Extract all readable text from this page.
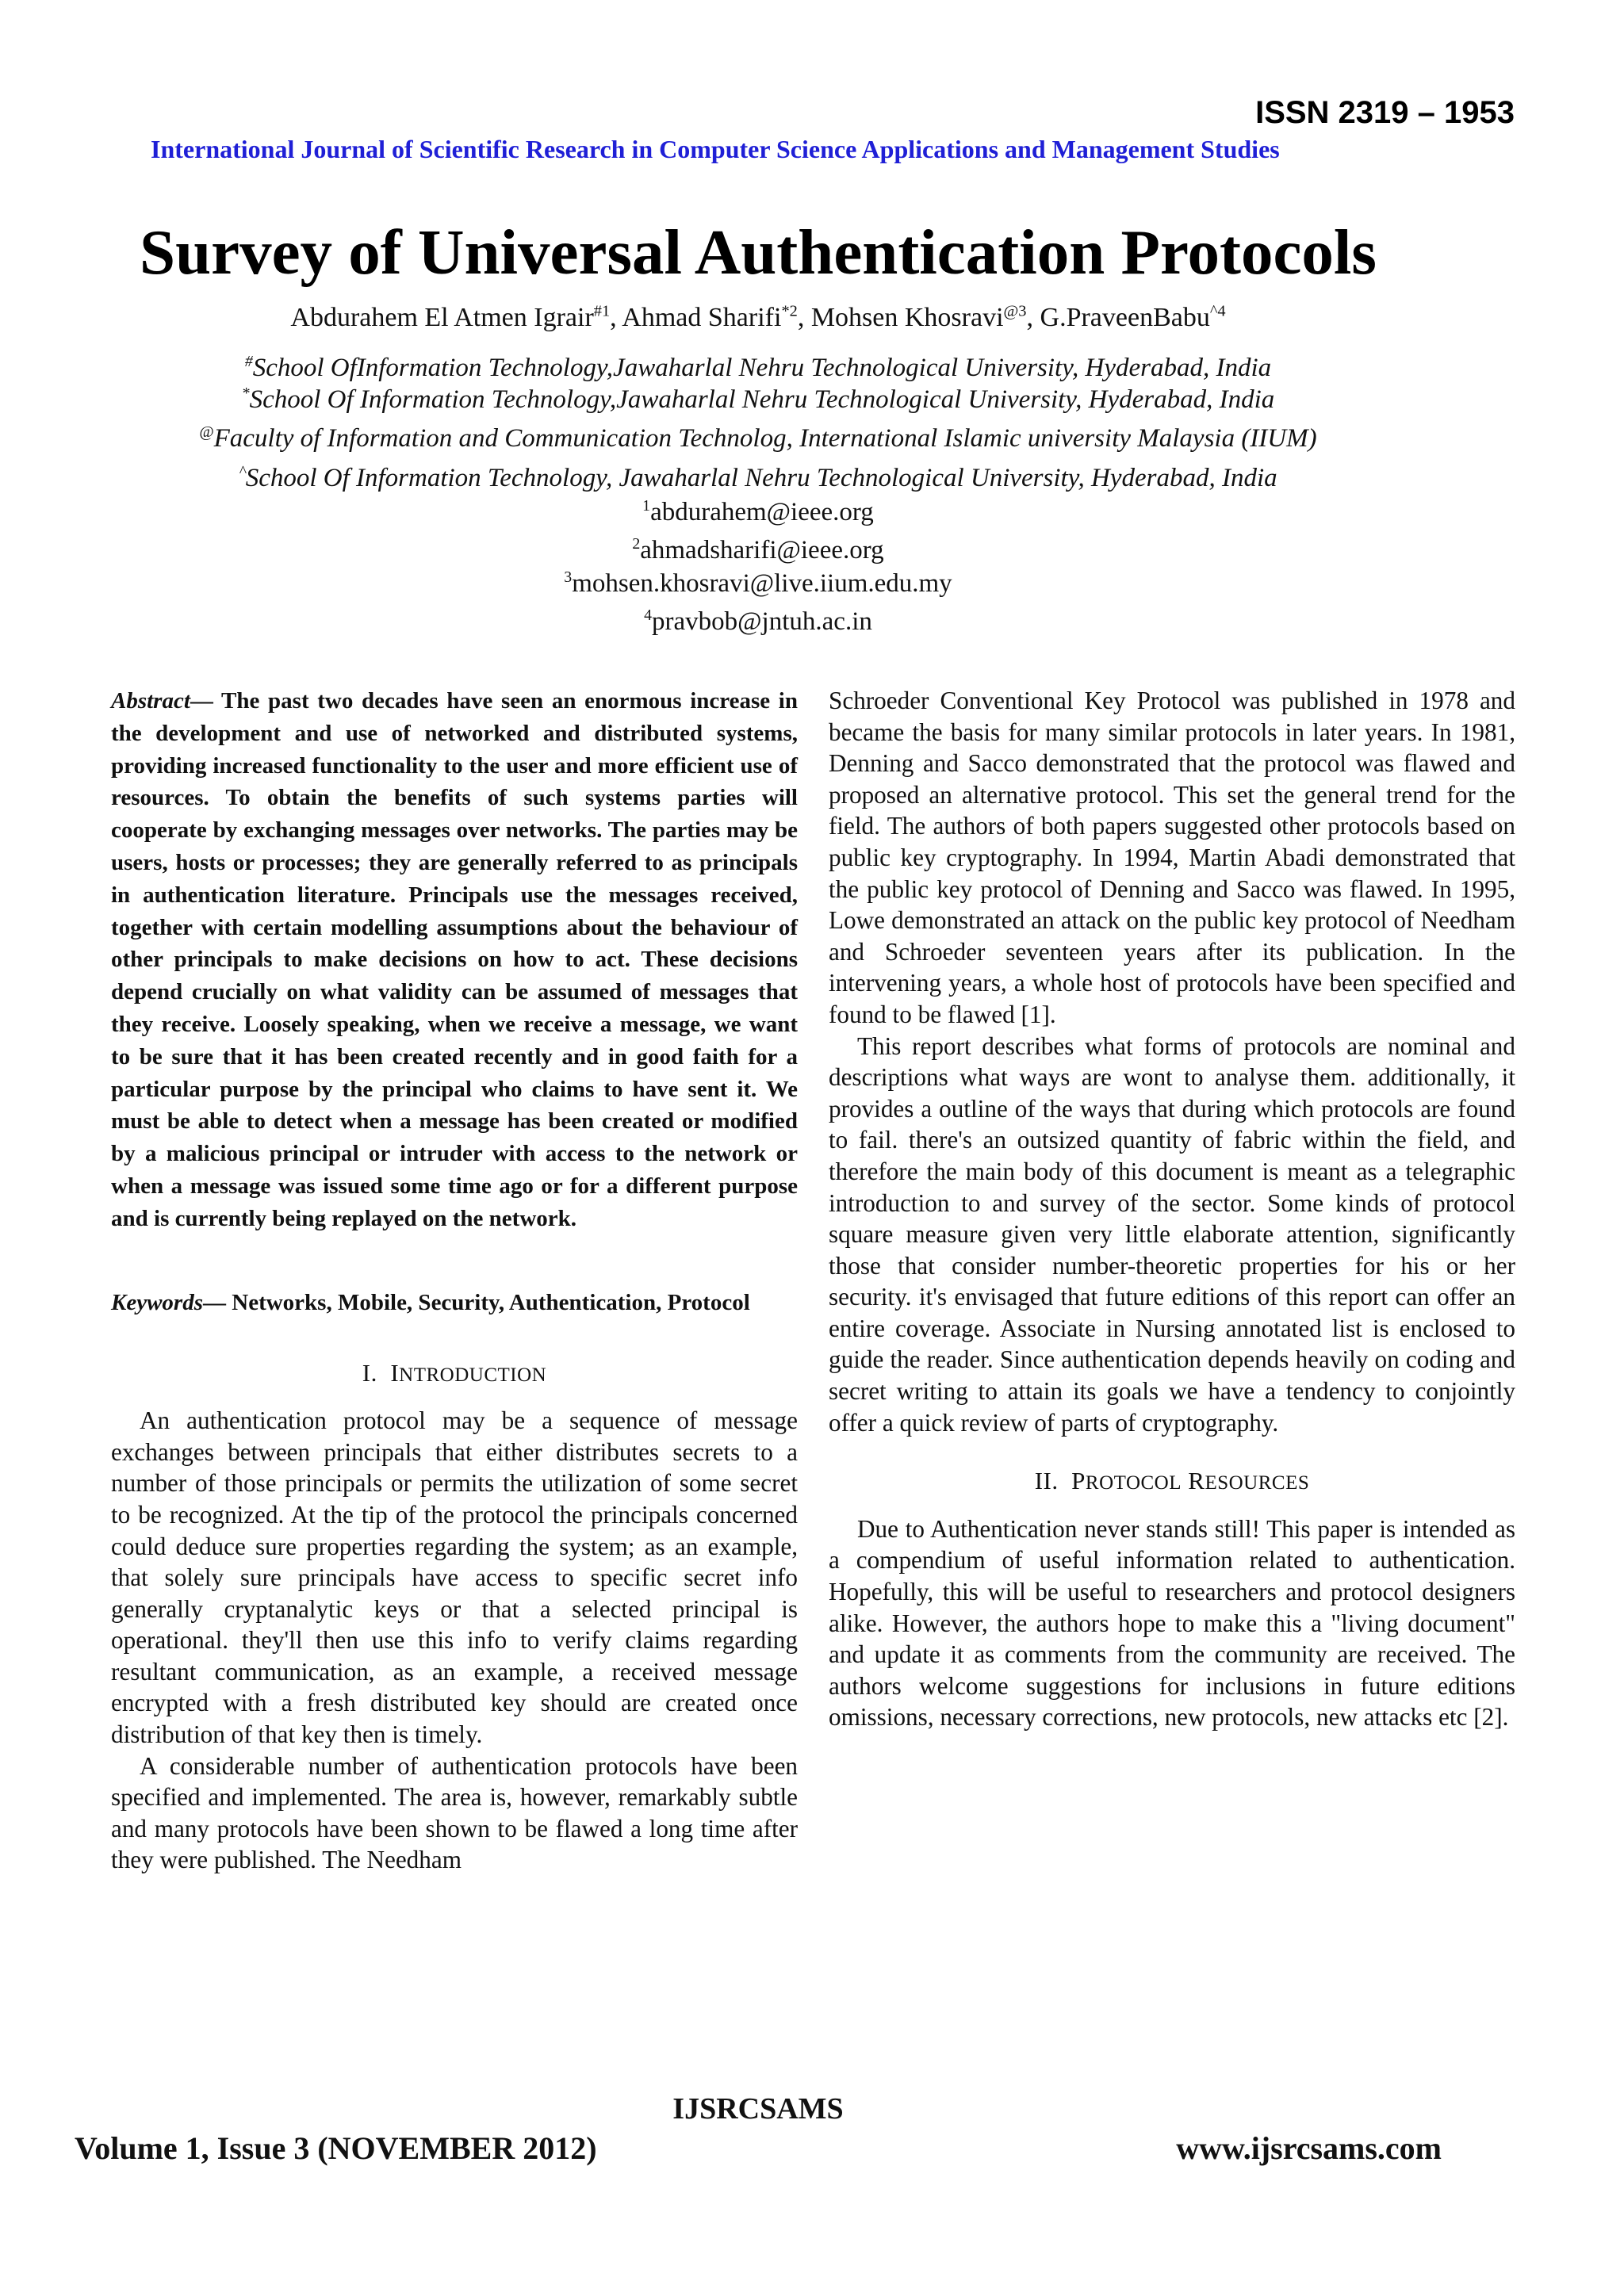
ISSN 2319 – 1953
International Journal of Scientific Research in Computer Science Applications and Management Studies
Survey of Universal Authentication Protocols
Abdurahem El Atmen Igrair$^{\#1}$, Ahmad Sharifi$^{*2}$, Mohsen Khosravi$^{@3}$, G.PraveenBabu$^{\^{}4}$
#School OfInformation Technology,Jawaharlal Nehru Technological University, Hyderabad, India
*School Of Information Technology,Jawaharlal Nehru Technological University, Hyderabad, India
@Faculty of Information and Communication Technolog, International Islamic university Malaysia (IIUM)
^School Of Information Technology, Jawaharlal Nehru Technological University, Hyderabad, India
$^1$abdurahem@ieee.org
$^2$ahmadsharifi@ieee.org
$^3$mohsen.khosravi@live.iium.edu.my
$^4$pravbob@jntuh.ac.in

Abstract— The past two decades have seen an enormous increase in the development and use of networked and distributed systems, providing increased functionality to the user and more efficient use of resources. To obtain the benefits of such systems parties will cooperate by exchanging messages over networks. The parties may be users, hosts or processes; they are generally referred to as principals in authentication literature. Principals use the messages received, together with certain modelling assumptions about the behaviour of other principals to make decisions on how to act. These decisions depend crucially on what validity can be assumed of messages that they receive. Loosely speaking, when we receive a message, we want to be sure that it has been created recently and in good faith for a particular purpose by the principal who claims to have sent it. We must be able to detect when a message has been created or modified by a malicious principal or intruder with access to the network or when a message was issued some time ago or for a different purpose and is currently being replayed on the network.

Keywords— Networks, Mobile, Security, Authentication, Protocol

I. INTRODUCTION

An authentication protocol may be a sequence of message exchanges between principals that either distributes secrets to a number of those principals or permits the utilization of some secret to be recognized. At the tip of the protocol the principals concerned could deduce sure properties regarding the system; as an example, that solely sure principals have access to specific secret info generally cryptanalytic keys or that a selected principal is operational. they'll then use this info to verify claims regarding resultant communication, as an example, a received message encrypted with a fresh distributed key should are created once distribution of that key then is timely.

A considerable number of authentication protocols have been specified and implemented. The area is, however, remarkably subtle and many protocols have been shown to be flawed a long time after they were published. The Needham

Schroeder Conventional Key Protocol was published in 1978 and became the basis for many similar protocols in later years. In 1981, Denning and Sacco demonstrated that the protocol was flawed and proposed an alternative protocol. This set the general trend for the field. The authors of both papers suggested other protocols based on public key cryptography. In 1994, Martin Abadi demonstrated that the public key protocol of Denning and Sacco was flawed. In 1995, Lowe demonstrated an attack on the public key protocol of Needham and Schroeder seventeen years after its publication. In the intervening years, a whole host of protocols have been specified and found to be flawed [1].

This report describes what forms of protocols are nominal and descriptions what ways are wont to analyse them. additionally, it provides a outline of the ways that during which protocols are found to fail. there's an outsized quantity of fabric within the field, and therefore the main body of this document is meant as a telegraphic introduction to and survey of the sector. Some kinds of protocol square measure given very little elaborate attention, significantly those that consider number-theoretic properties for his or her security. it's envisaged that future editions of this report can offer an entire coverage. Associate in Nursing annotated list is enclosed to guide the reader. Since authentication depends heavily on coding and secret writing to attain its goals we have a tendency to conjointly offer a quick review of parts of cryptography.

II. PROTOCOL RESOURCES

Due to Authentication never stands still! This paper is intended as a compendium of useful information related to authentication. Hopefully, this will be useful to researchers and protocol designers alike. However, the authors hope to make this a "living document" and update it as comments from the community are received. The authors welcome suggestions for inclusions in future editions omissions, necessary corrections, new protocols, new attacks etc [2].

IJSRCSAMS
Volume 1, Issue 3 (NOVEMBER 2012)	www.ijsrcsams.com
